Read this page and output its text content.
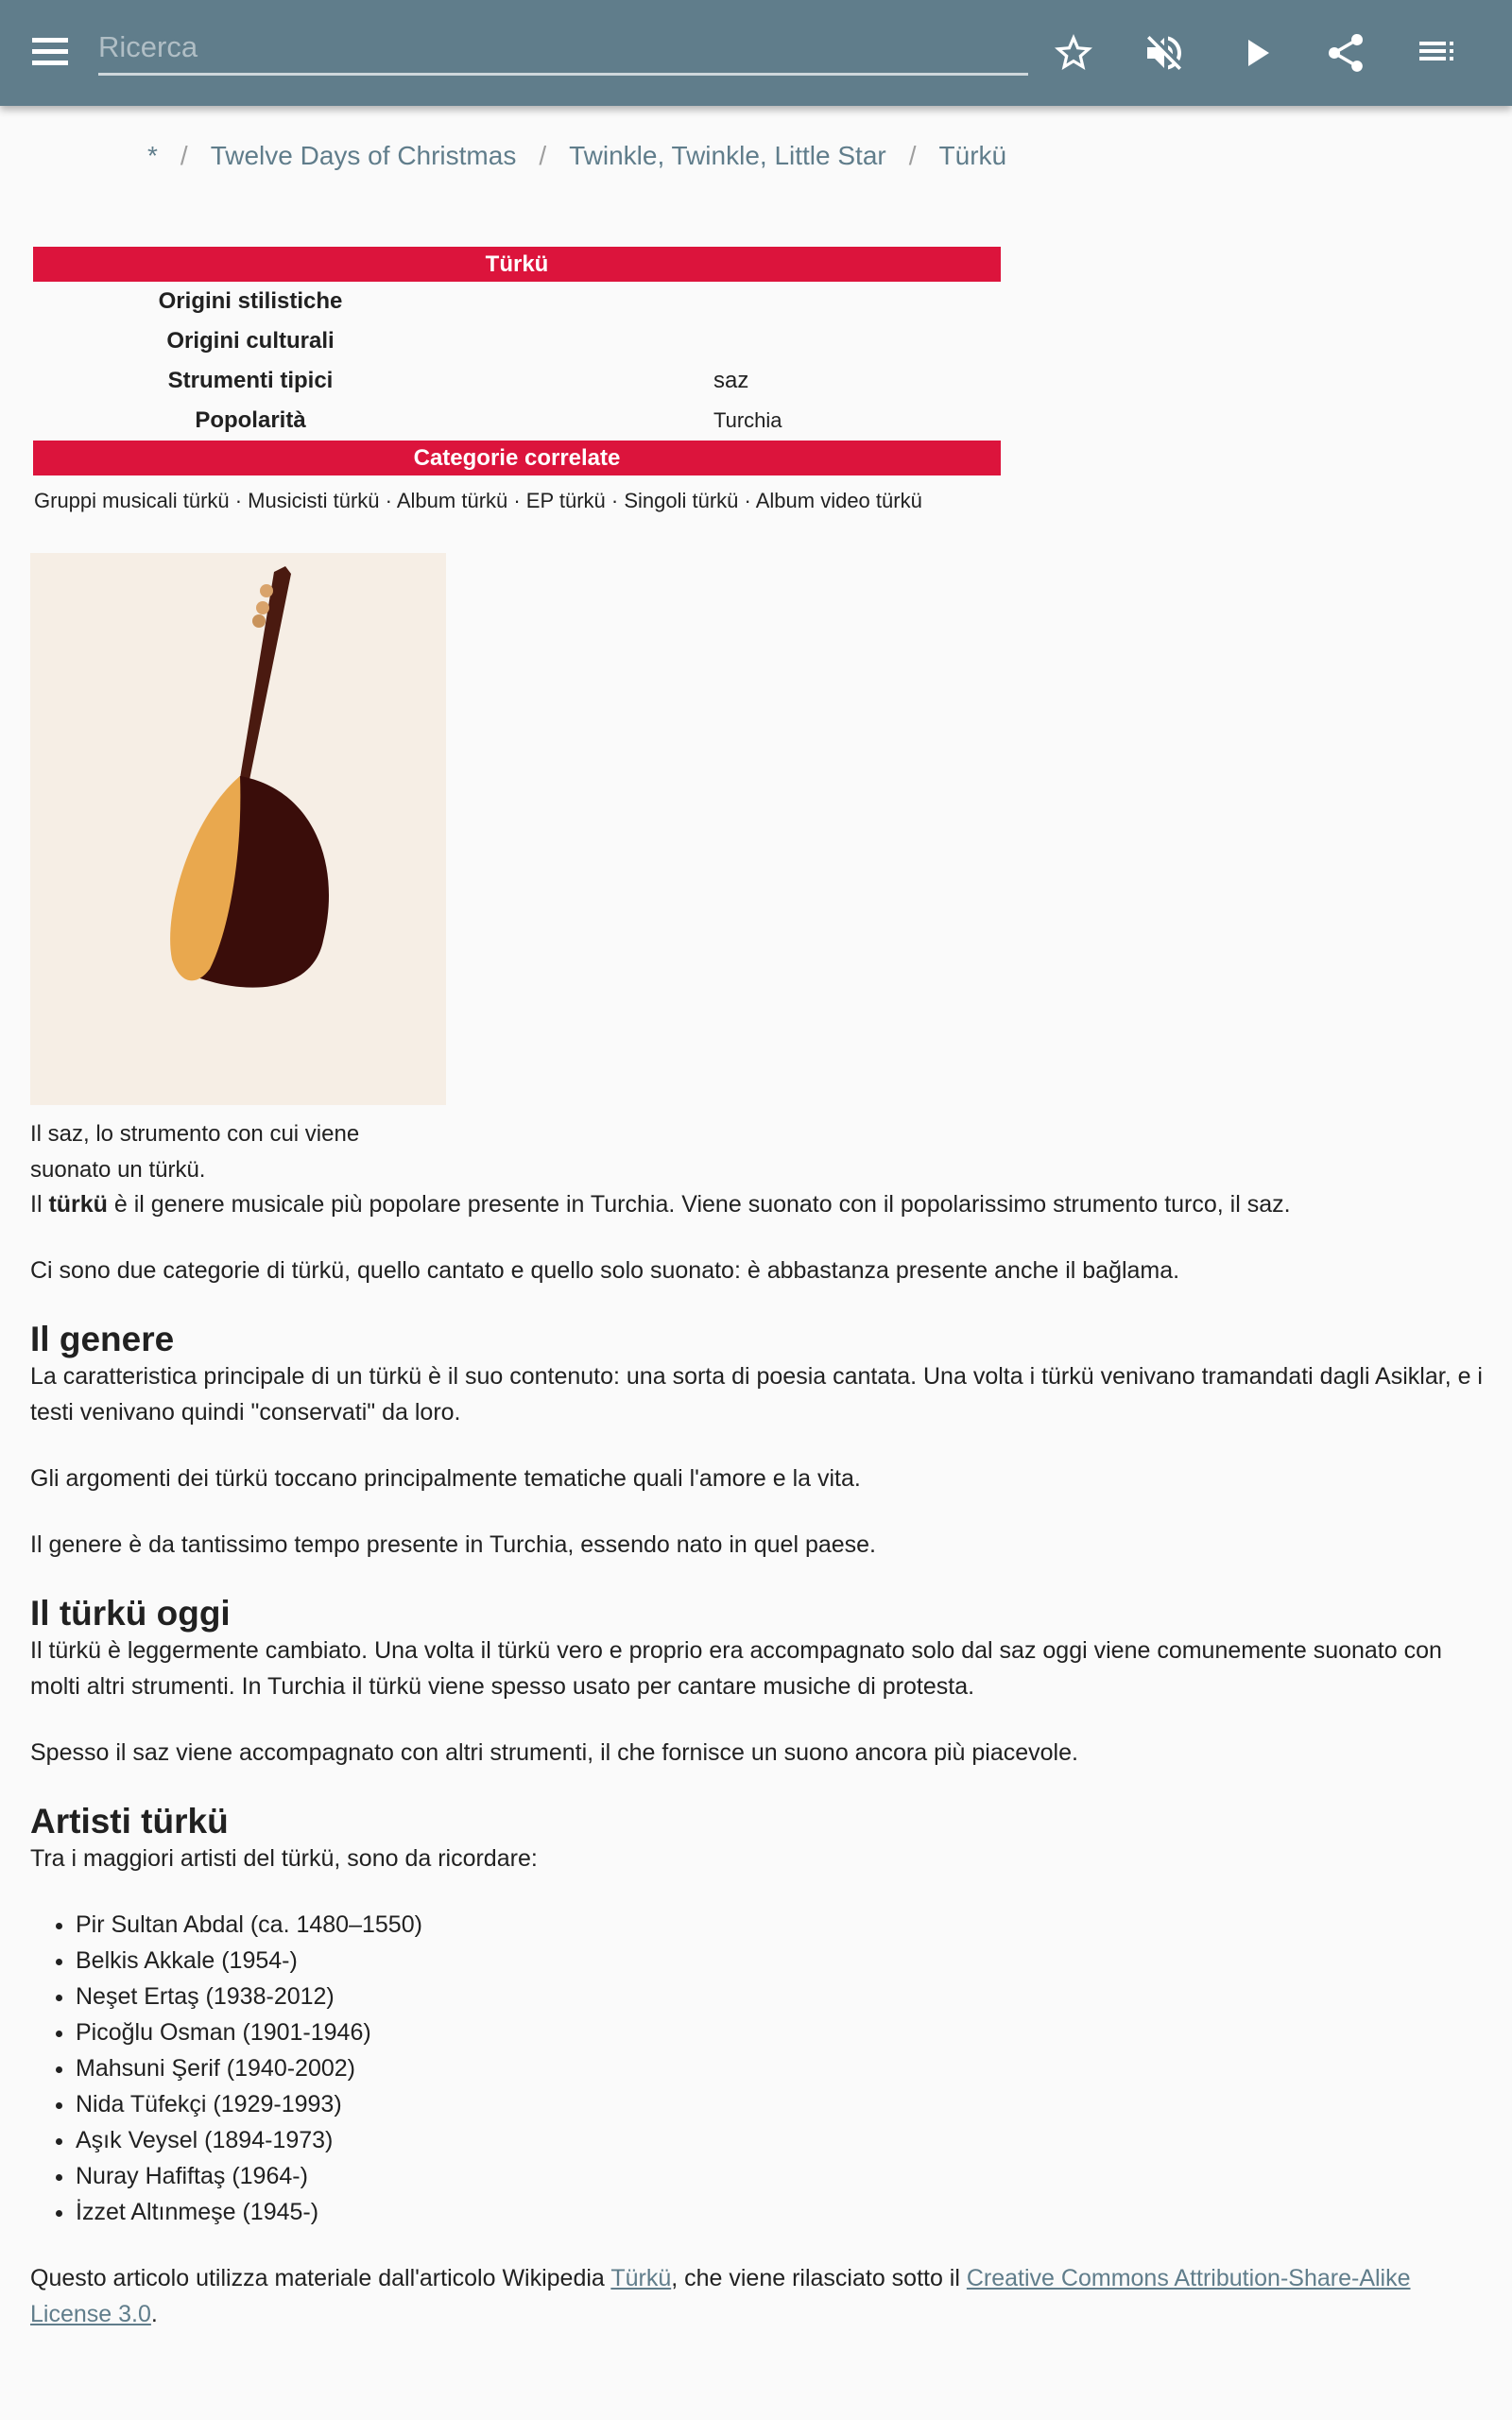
Ricerca
* / Twelve Days of Christmas / Twinkle, Twinkle, Little Star / Türkü
Türkü	
Origini stilistiche	
Origini culturali	
Strumenti tipici	saz
Popolarità	Turchia
Categorie correlate	
Gruppi musicali türkü · Musicisti türkü · Album türkü · EP türkü · Singoli türkü · Album video türkü
Il saz, lo strumento con cui viene suonato un türkü.

Il türkü è il genere musicale più popolare presente in Turchia. Viene suonato con il popolarissimo strumento turco, il saz.

Ci sono due categorie di türkü, quello cantato e quello solo suonato: è abbastanza presente anche il bağlama.

Il genere

La caratteristica principale di un türkü è il suo contenuto: una sorta di poesia cantata. Una volta i türkü venivano tramandati dagli Asiklar, e i testi venivano quindi "conservati" da loro.

Gli argomenti dei türkü toccano principalmente tematiche quali l'amore e la vita.

Il genere è da tantissimo tempo presente in Turchia, essendo nato in quel paese.

Il türkü oggi

Il türkü è leggermente cambiato. Una volta il türkü vero e proprio era accompagnato solo dal saz oggi viene comunemente suonato con molti altri strumenti. In Turchia il türkü viene spesso usato per cantare musiche di protesta.

Spesso il saz viene accompagnato con altri strumenti, il che fornisce un suono ancora più piacevole.

Artisti türkü

Tra i maggiori artisti del türkü, sono da ricordare:

• Pir Sultan Abdal (ca. 1480–1550)
• Belkis Akkale (1954-)
• Neşet Ertaş (1938-2012)
• Picoğlu Osman (1901-1946)
• Mahsuni Şerif (1940-2002)
• Nida Tüfekçi (1929-1993)
• Aşık Veysel (1894-1973)
• Nuray Hafiftaş (1964-)
• İzzet Altınmeşe (1945-)

Questo articolo utilizza materiale dall'articolo Wikipedia Türkü, che viene rilasciato sotto il Creative Commons Attribution-Share-Alike License 3.0.
